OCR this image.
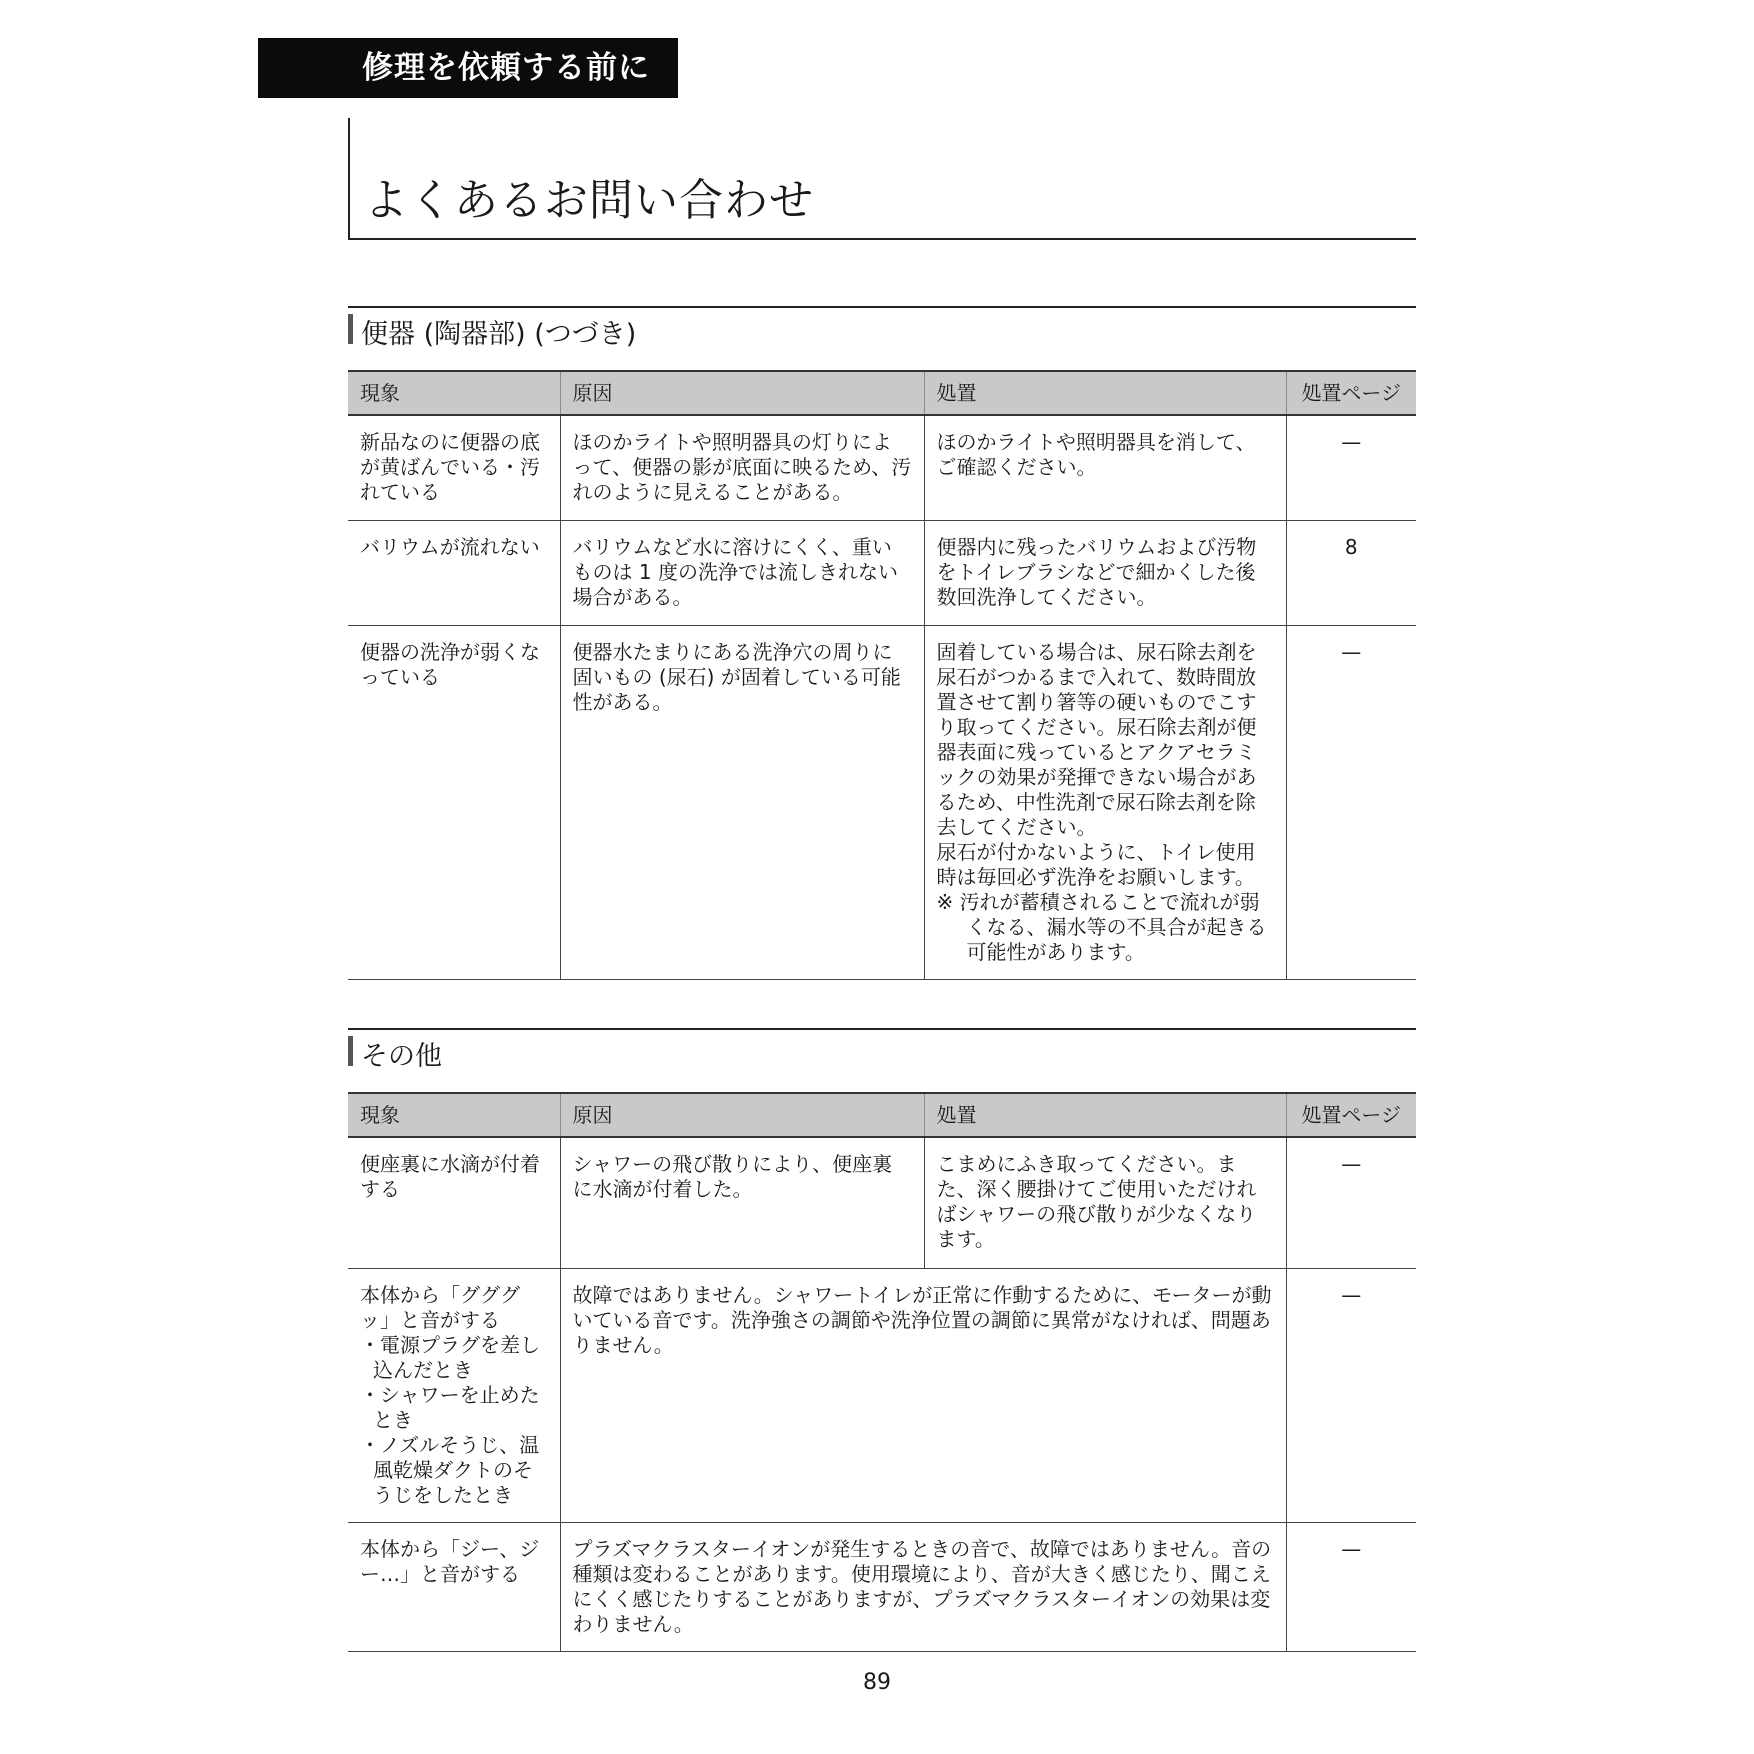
修理を依頼する前に
よくあるお問い合わせ
便器 (陶器部) (つづき)
現象	原因	処置	処置ページ
新品なのに便器の底が黄ばんでいる・汚れている	ほのかライトや照明器具の灯りによって、便器の影が底面に映るため、汚れのように見えることがある。	ほのかライトや照明器具を消して、ご確認ください。	—
バリウムが流れない	バリウムなど水に溶けにくく、重いものは 1 度の洗浄では流しきれない場合がある。	便器内に残ったバリウムおよび汚物をトイレブラシなどで細かくした後数回洗浄してください。	8
便器の洗浄が弱くなっている	便器水たまりにある洗浄穴の周りに固いもの (尿石) が固着している可能性がある。	固着している場合は、尿石除去剤を尿石がつかるまで入れて、数時間放置させて割り箸等の硬いものでこすり取ってください。尿石除去剤が便器表面に残っているとアクアセラミックの効果が発揮できない場合があるため、中性洗剤で尿石除去剤を除去してください。
尿石が付かないように、トイレ使用時は毎回必ず洗浄をお願いします。
※ 汚れが蓄積されることで流れが弱くなる、漏水等の不具合が起きる可能性があります。	—
その他
現象	原因	処置	処置ページ
便座裏に水滴が付着する	シャワーの飛び散りにより、便座裏に水滴が付着した。	こまめにふき取ってください。また、深く腰掛けてご使用いただければシャワーの飛び散りが少なくなります。	—

本体から「グググッ」と音がする
・電源プラグを差し込んだとき
・シャワーを止めたとき
・ノズルそうじ、温風乾燥ダクトのそうじをしたとき	故障ではありません。シャワートイレが正常に作動するために、モーターが動いている音です。洗浄強さの調節や洗浄位置の調節に異常がなければ、問題ありません。		—
本体から「ジー、ジー…」と音がする	プラズマクラスターイオンが発生するときの音で、故障ではありません。音の種類は変わることがあります。使用環境により、音が大きく感じたり、聞こえにくく感じたりすることがありますが、プラズマクラスターイオンの効果は変わりません。		—
89
